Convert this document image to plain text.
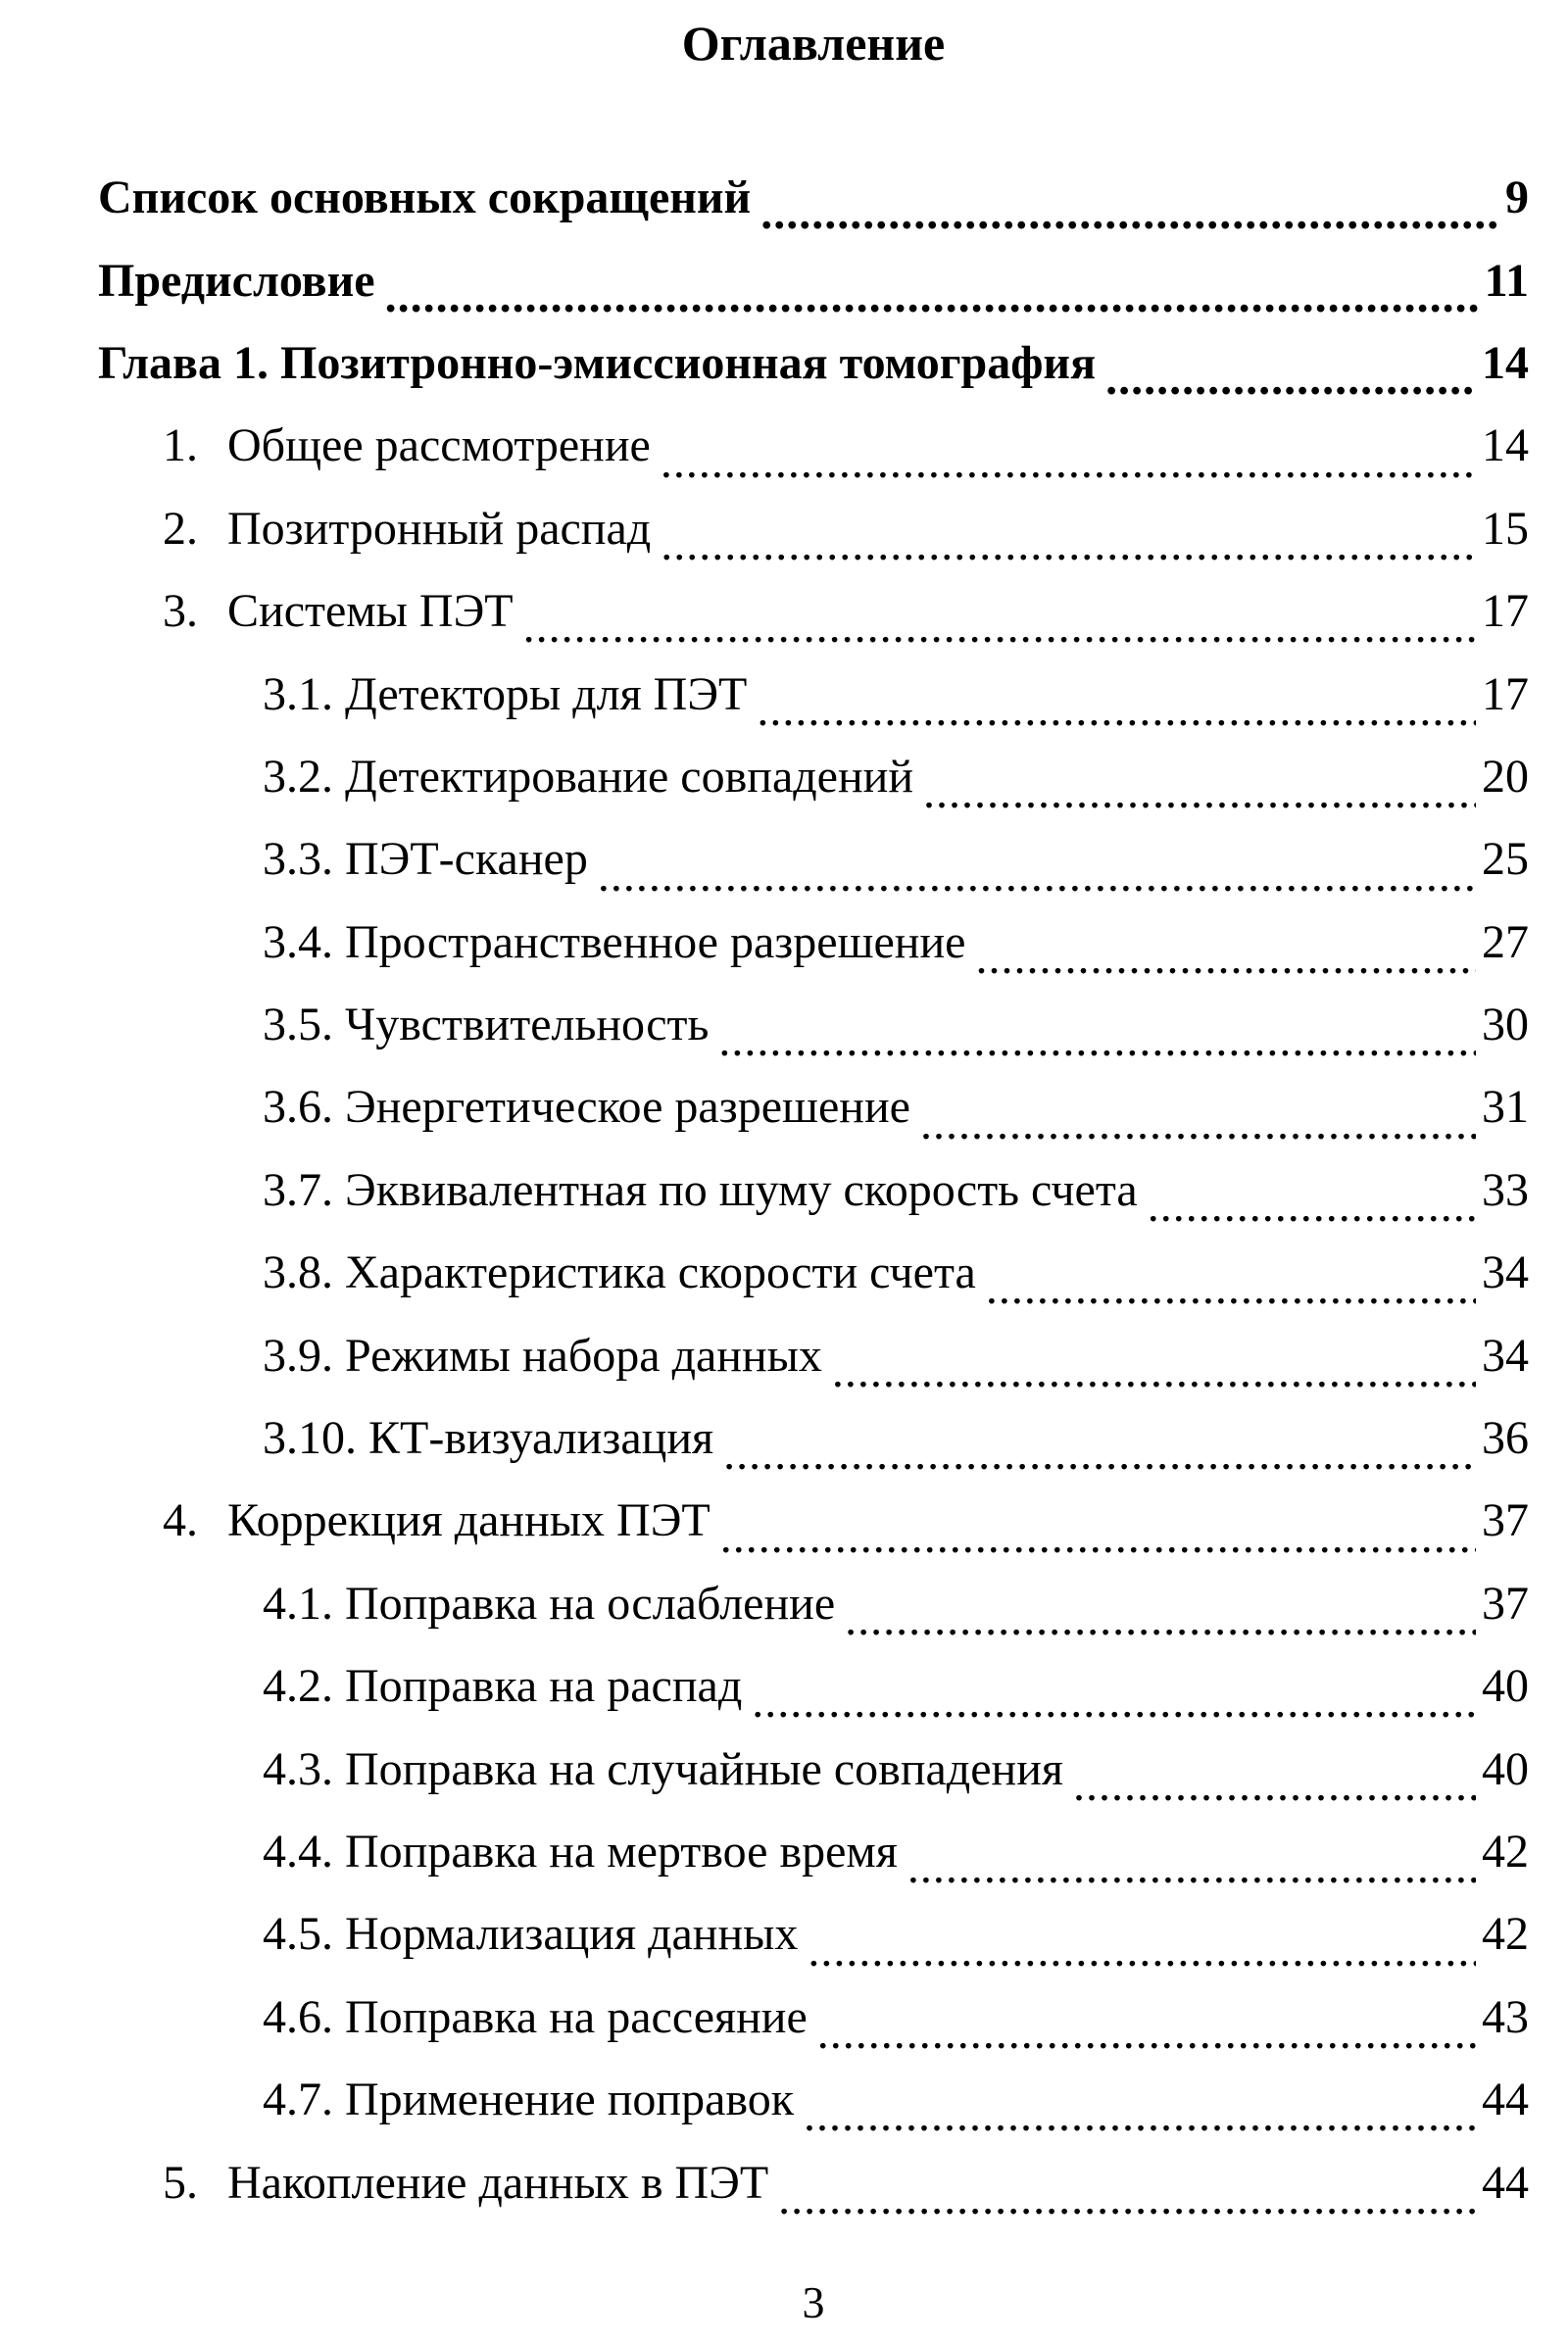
Оглавление
Список основных сокращений .....	9
Предисловие .....	11
Глава 1. Позитронно-эмиссионная томография .....	14
1. Общее рассмотрение .....	14
2. Позитронный распад .....	15
3. Системы ПЭТ .....	17
3.1. Детекторы для ПЭТ .....	17
3.2. Детектирование совпадений .....	20
3.3. ПЭТ-сканер .....	25
3.4. Пространственное разрешение .....	27
3.5. Чувствительность .....	30
3.6. Энергетическое разрешение .....	31
3.7. Эквивалентная по шуму скорость счета .....	33
3.8. Характеристика скорости счета .....	34
3.9. Режимы набора данных .....	34
3.10. КТ-визуализация .....	36
4. Коррекция данных ПЭТ .....	37
4.1. Поправка на ослабление .....	37
4.2. Поправка на распад .....	40
4.3. Поправка на случайные совпадения .....	40
4.4. Поправка на мертвое время .....	42
4.5. Нормализация данных .....	42
4.6. Поправка на рассеяние .....	43
4.7. Применение поправок .....	44
5. Накопление данных в ПЭТ .....	44
3
